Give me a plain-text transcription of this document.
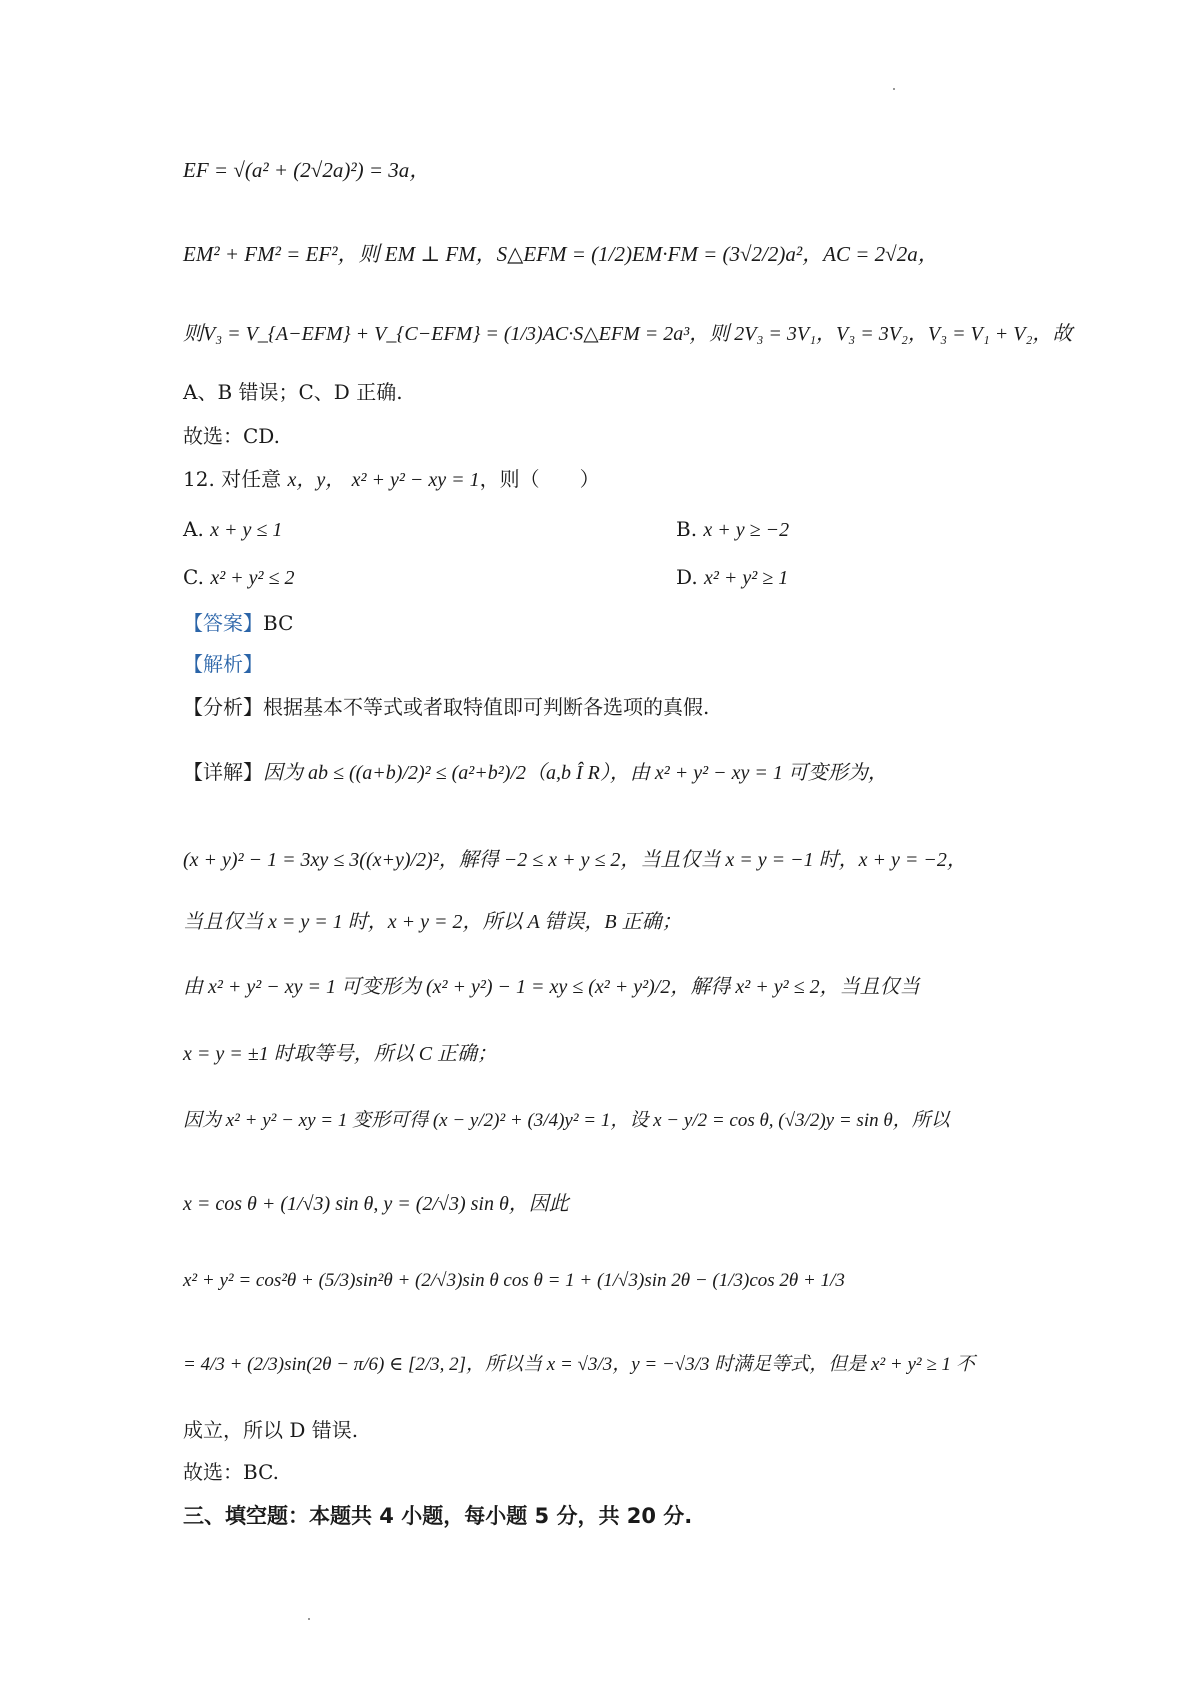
EF = √(a² + (2√2a)²) = 3a，
EM² + FM² = EF²，则 EM ⊥ FM，S△EFM = (1/2)EM·FM = (3√2/2)a²，AC = 2√2a，
则V₃ = V_{A−EFM} + V_{C−EFM} = (1/3)AC·S△EFM = 2a³，则 2V₃ = 3V₁，V₃ = 3V₂，V₃ = V₁ + V₂，故
A、B 错误；C、D 正确.
故选：CD.
12. 对任意 x，y， x² + y² − xy = 1，则（　　）
A. x + y ≤ 1	B. x + y ≥ −2
C. x² + y² ≤ 2	D. x² + y² ≥ 1
【答案】BC
【解析】
【分析】根据基本不等式或者取特值即可判断各选项的真假.
【详解】因为 ab ≤ ((a+b)/2)² ≤ (a²+b²)/2（a,b Î R），由 x² + y² − xy = 1 可变形为，
(x + y)² − 1 = 3xy ≤ 3((x+y)/2)²，解得 −2 ≤ x + y ≤ 2，当且仅当 x = y = −1 时，x + y = −2，
当且仅当 x = y = 1 时，x + y = 2，所以 A 错误，B 正确；
由 x² + y² − xy = 1 可变形为 (x² + y²) − 1 = xy ≤ (x² + y²)/2，解得 x² + y² ≤ 2，当且仅当
x = y = ±1 时取等号，所以 C 正确；
因为 x² + y² − xy = 1 变形可得 (x − y/2)² + (3/4)y² = 1，设 x − y/2 = cos θ, (√3/2)y = sin θ，所以
x = cos θ + (1/√3) sin θ, y = (2/√3) sin θ，因此
x² + y² = cos²θ + (5/3)sin²θ + (2/√3)sin θ cos θ = 1 + (1/√3)sin 2θ − (1/3)cos 2θ + 1/3
= 4/3 + (2/3)sin(2θ − π/6) ∈ [2/3, 2]，所以当 x = √3/3，y = −√3/3 时满足等式，但是 x² + y² ≥ 1 不
成立，所以 D 错误.
故选：BC.
三、填空题：本题共 4 小题，每小题 5 分，共 20 分.
